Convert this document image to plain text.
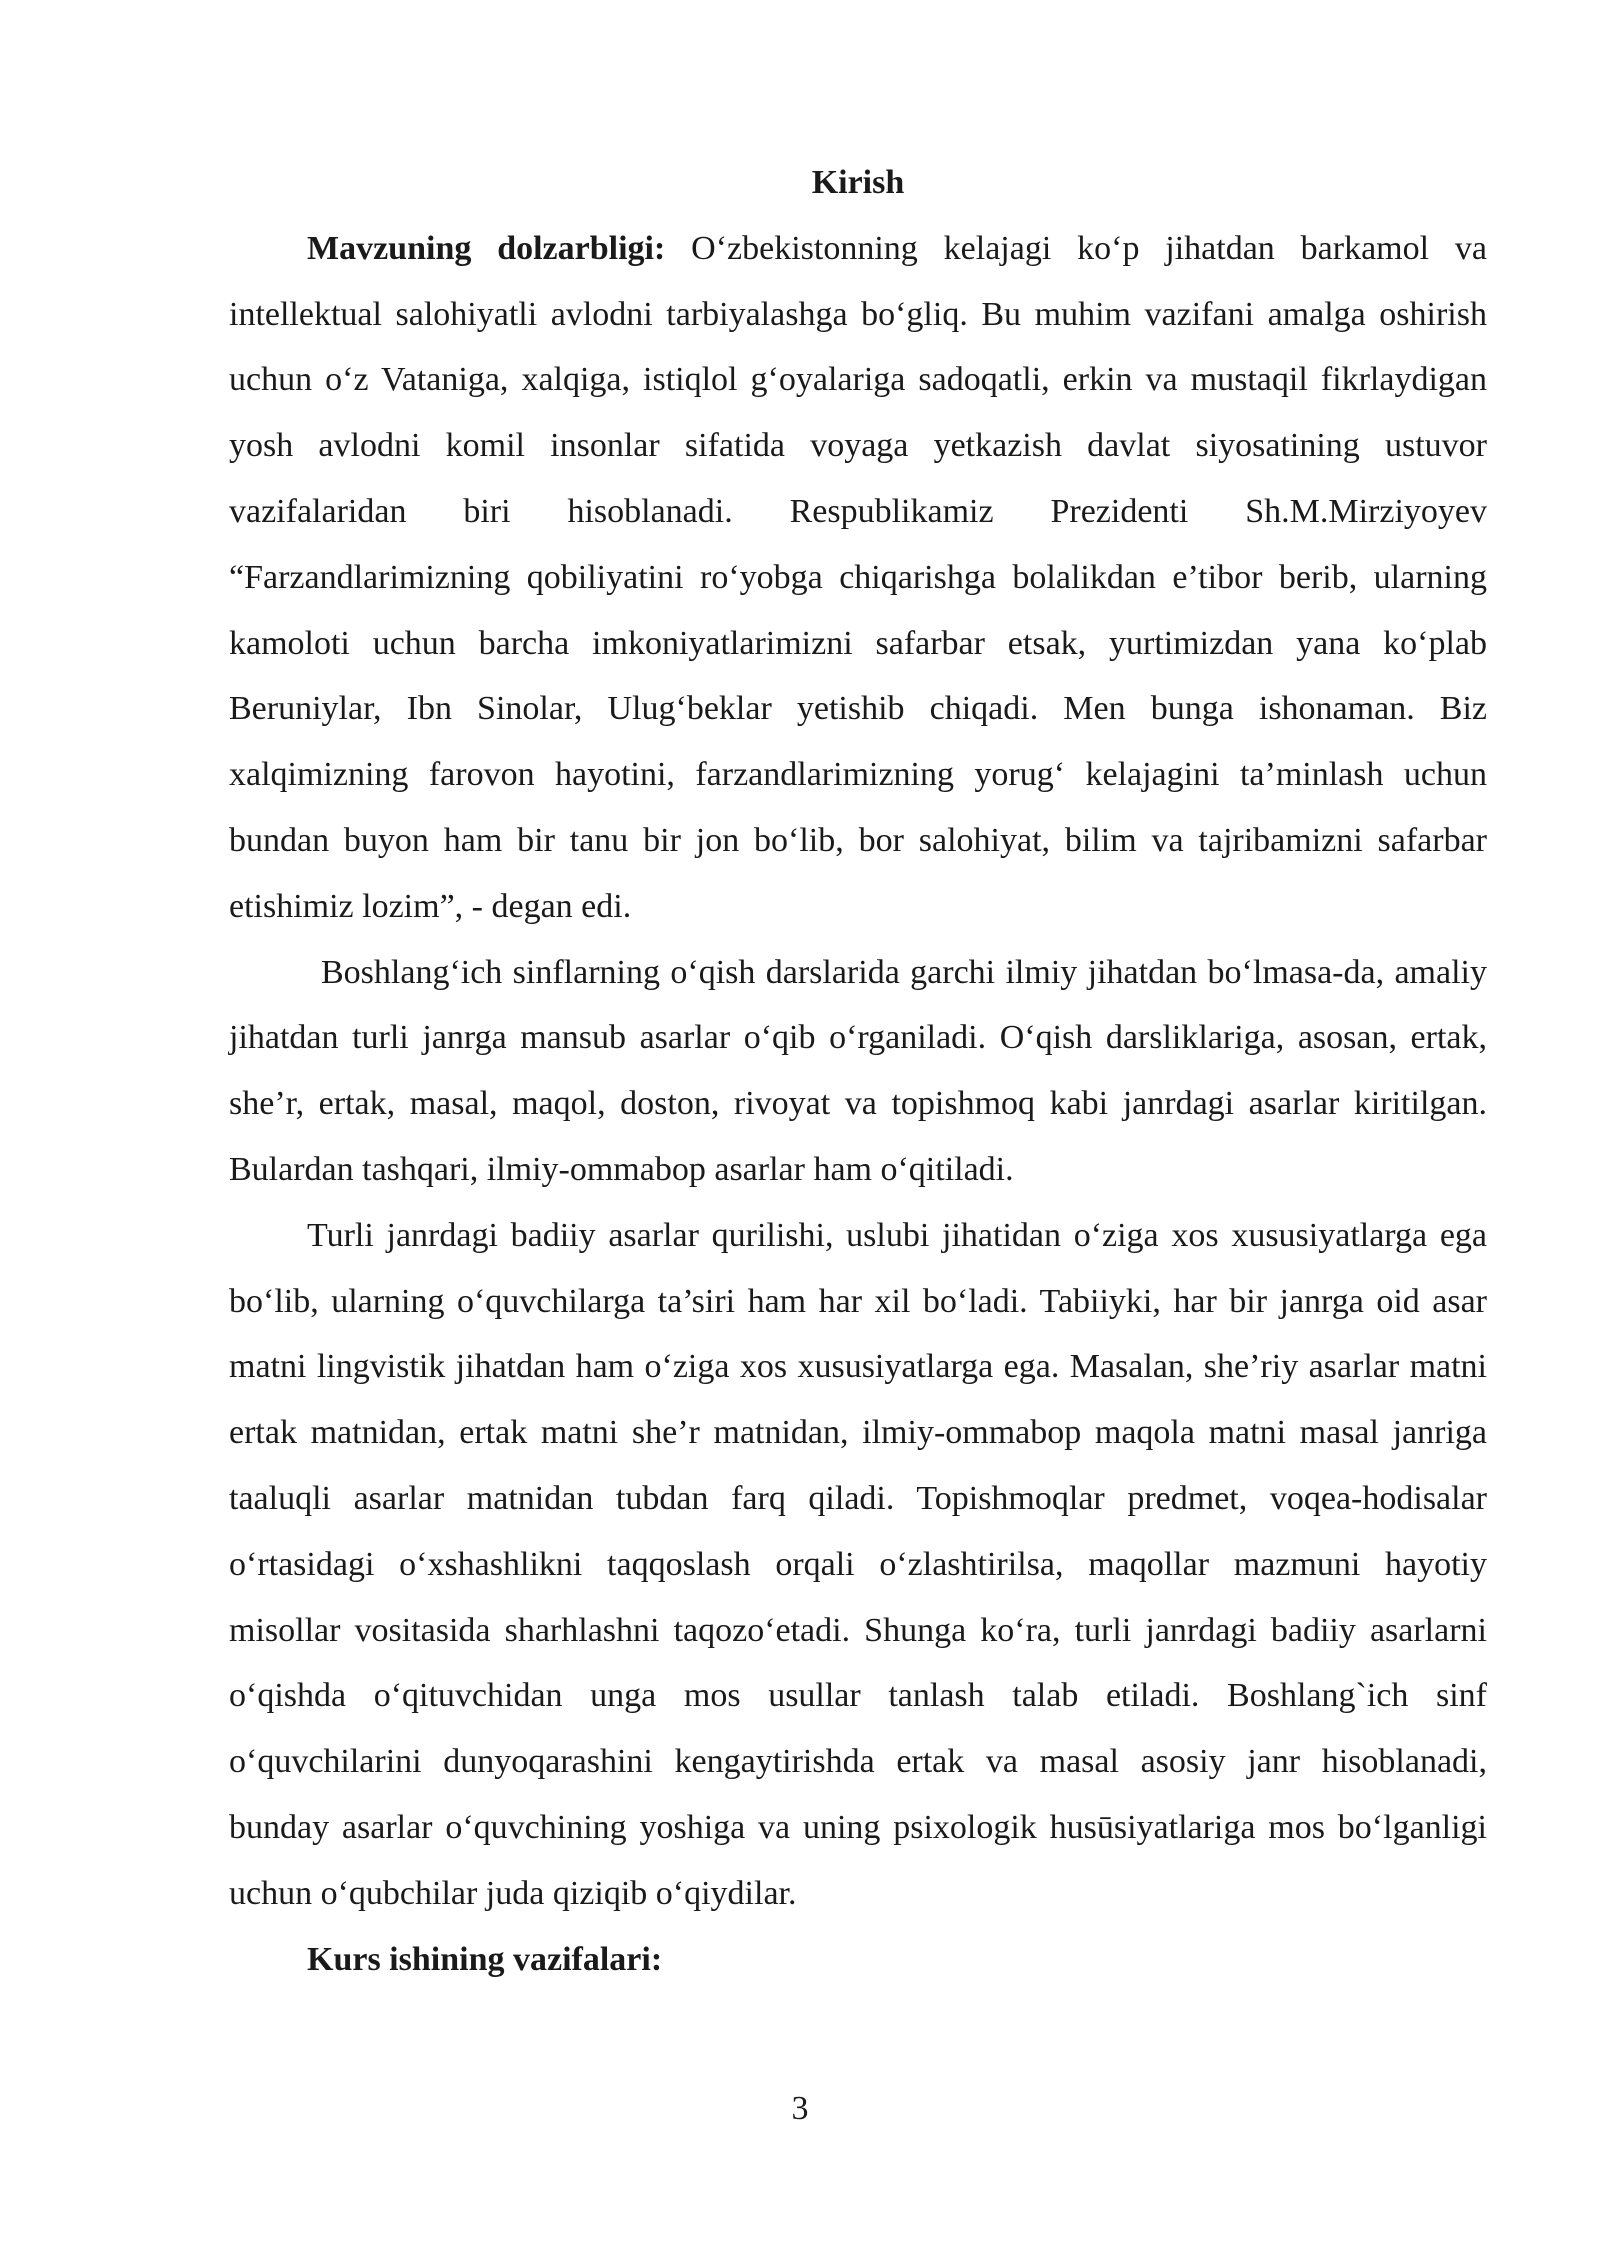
Kirish

Mavzuning dolzarbligi: O‘zbekistonning kelajagi ko‘p jihatdan barkamol va intellektual salohiyatli avlodni tarbiyalashga bo‘gliq. Bu muhim vazifani amalga oshirish uchun o‘z Vataniga, xalqiga, istiqlol g‘oyalariga sadoqatli, erkin va mustaqil fikrlaydigan yosh avlodni komil insonlar sifatida voyaga yetkazish davlat siyosatining ustuvor vazifalaridan biri hisoblanadi. Respublikamiz Prezidenti Sh.M.Mirziyoyev “Farzandlarimizning qobiliyatini ro‘yobga chiqarishga bolalikdan e’tibor berib, ularning kamoloti uchun barcha imkoniyatlarimizni safarbar etsak, yurtimizdan yana ko‘plab Beruniylar, Ibn Sinolar, Ulug‘beklar yetishib chiqadi. Men bunga ishonaman. Biz xalqimizning farovon hayotini, farzandlarimizning yorug‘ kelajagini ta’minlash uchun bundan buyon ham bir tanu bir jon bo‘lib, bor salohiyat, bilim va tajribamizni safarbar etishimiz lozim”, - degan edi.

Boshlang‘ich sinflarning o‘qish darslarida garchi ilmiy jihatdan bo‘lmasa-da, amaliy jihatdan turli janrga mansub asarlar o‘qib o‘rganiladi. O‘qish darsliklariga, asosan, ertak, she’r, ertak, masal, maqol, doston, rivoyat va topishmoq kabi janrdagi asarlar kiritilgan. Bulardan tashqari, ilmiy-ommabop asarlar ham o‘qitiladi.

Turli janrdagi badiiy asarlar qurilishi, uslubi jihatidan o‘ziga xos xususiyatlarga ega bo‘lib, ularning o‘quvchilarga ta’siri ham har xil bo‘ladi. Tabiiyki, har bir janrga oid asar matni lingvistik jihatdan ham o‘ziga xos xususiyatlarga ega. Masalan, she’riy asarlar matni ertak matnidan, ertak matni she’r matnidan, ilmiy-ommabop maqola matni masal janriga taaluqli asarlar matnidan tubdan farq qiladi. Topishmoqlar predmet, voqea-hodisalar o‘rtasidagi o‘xshashlikni taqqoslash orqali o‘zlashtirilsa, maqollar mazmuni hayotiy misollar vositasida sharhlashni taqozo‘etadi. Shunga ko‘ra, turli janrdagi badiiy asarlarni o‘qishda o‘qituvchidan unga mos usullar tanlash talab etiladi. Boshlang`ich sinf o‘quvchilarini dunyoqarashini kengaytirishda ertak va masal asosiy janr hisoblanadi, bunday asarlar o‘quvchining yoshiga va uning psixologik husūsiyatlariga mos bo‘lganligi uchun o‘qubchilar juda qiziqib o‘qiydilar.

Kurs ishining vazifalari:

3
